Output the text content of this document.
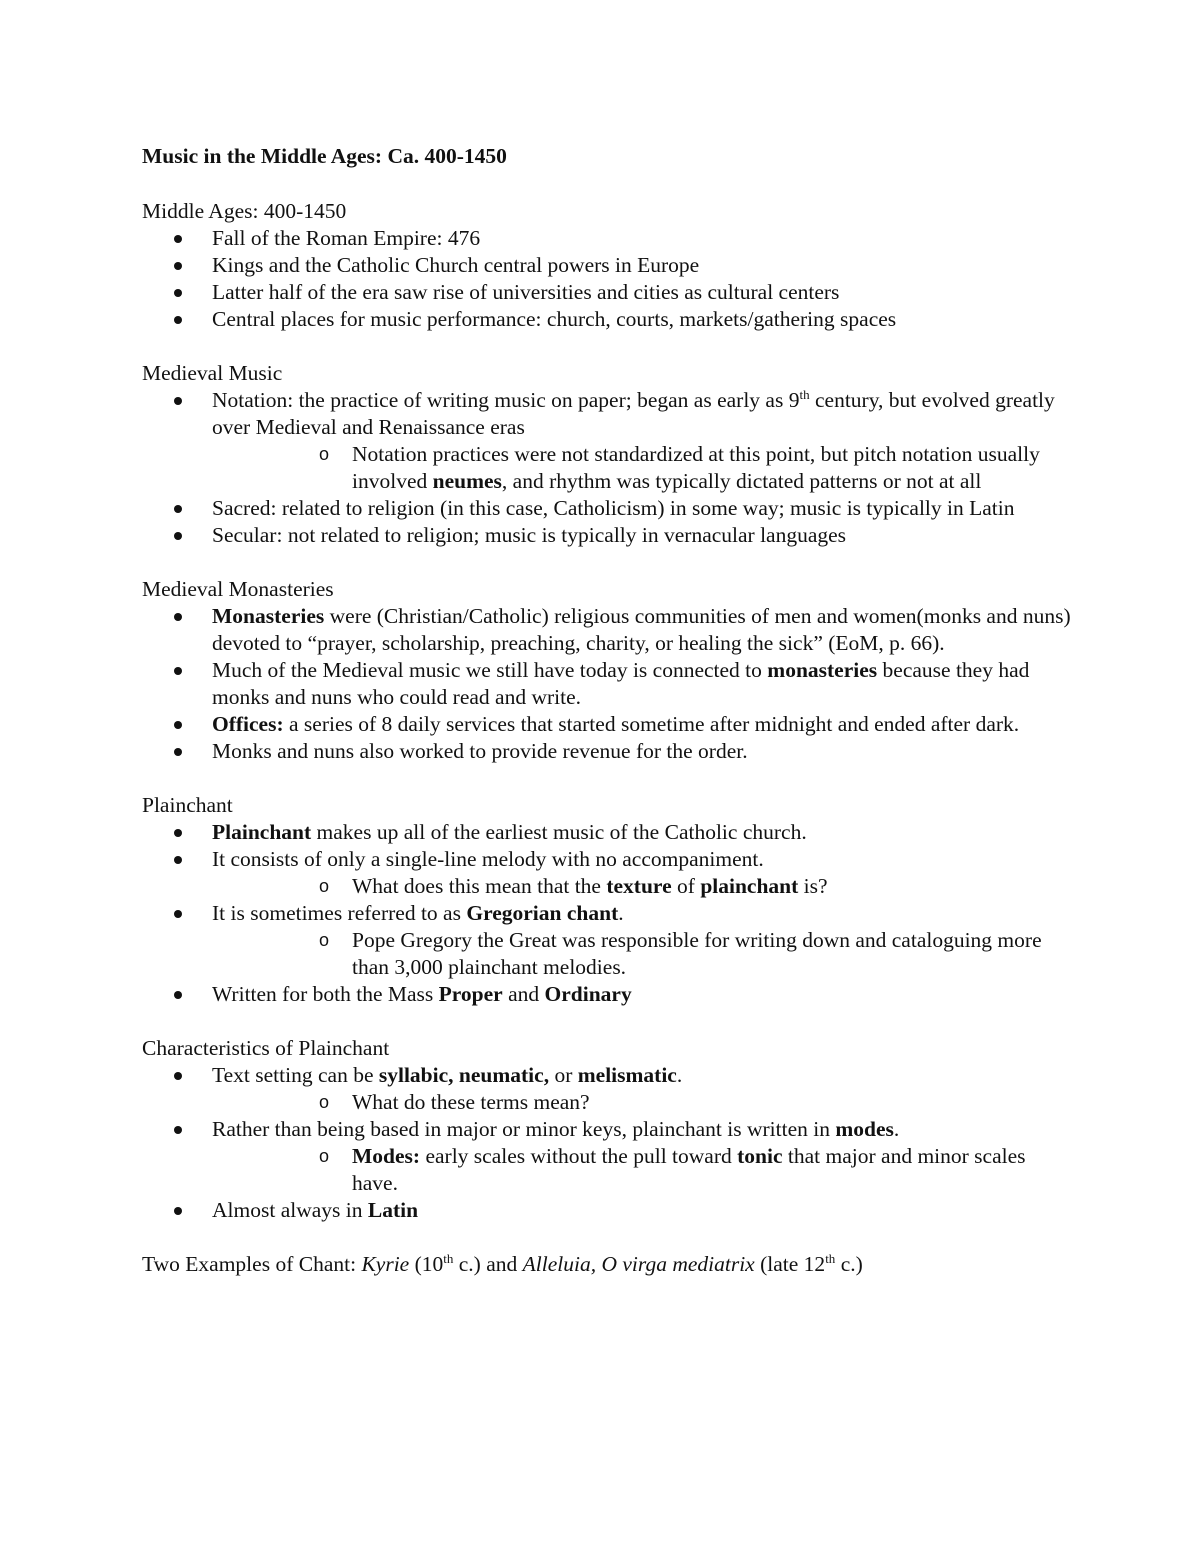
Music in the Middle Ages: Ca. 400-1450

Middle Ages: 400-1450

Fall of the Roman Empire: 476
Kings and the Catholic Church central powers in Europe
Latter half of the era saw rise of universities and cities as cultural centers
Central places for music performance: church, courts, markets/gathering spaces

Medieval Music

Notation: the practice of writing music on paper; began as early as 9th century, but evolved greatly over Medieval and Renaissance eras
o Notation practices were not standardized at this point, but pitch notation usually involved neumes, and rhythm was typically dictated patterns or not at all
Sacred: related to religion (in this case, Catholicism) in some way; music is typically in Latin
Secular: not related to religion; music is typically in vernacular languages

Medieval Monasteries

Monasteries were (Christian/Catholic) religious communities of men and women(monks and nuns) devoted to “prayer, scholarship, preaching, charity, or healing the sick” (EoM, p. 66).
Much of the Medieval music we still have today is connected to monasteries because they had monks and nuns who could read and write.
Offices: a series of 8 daily services that started sometime after midnight and ended after dark.
Monks and nuns also worked to provide revenue for the order.

Plainchant

Plainchant makes up all of the earliest music of the Catholic church.
It consists of only a single-line melody with no accompaniment.
o What does this mean that the texture of plainchant is?
It is sometimes referred to as Gregorian chant.
o Pope Gregory the Great was responsible for writing down and cataloguing more than 3,000 plainchant melodies.
Written for both the Mass Proper and Ordinary

Characteristics of Plainchant

Text setting can be syllabic, neumatic, or melismatic.
o What do these terms mean?
Rather than being based in major or minor keys, plainchant is written in modes.
o Modes: early scales without the pull toward tonic that major and minor scales have.
Almost always in Latin

Two Examples of Chant: Kyrie (10th c.) and Alleluia, O virga mediatrix (late 12th c.)
